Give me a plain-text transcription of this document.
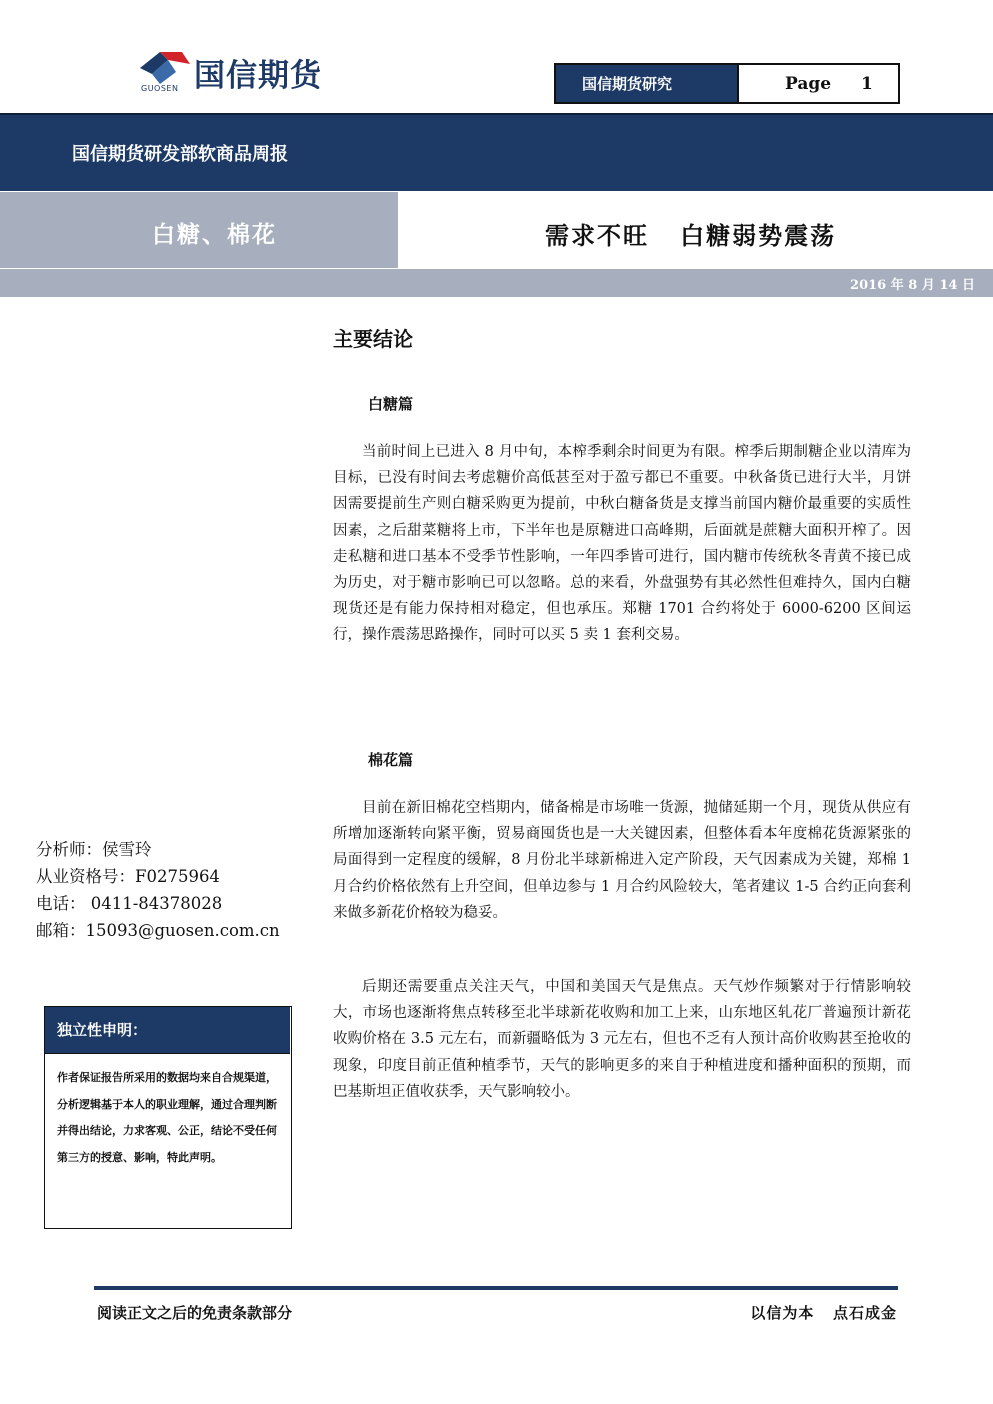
国信期货
GUOSEN	国信期货研究	Page 1
国信期货研发部软商品周报
白糖、棉花	需求不旺   白糖弱势震荡
2016 年 8 月 14 日
主要结论
白糖篇

当前时间上已进入 8 月中旬，本榨季剩余时间更为有限。榨季后期制糖企业以清库为目标，已没有时间去考虑糖价高低甚至对于盈亏都已不重要。中秋备货已进行大半，月饼因需要提前生产则白糖采购更为提前，中秋白糖备货是支撑当前国内糖价最重要的实质性因素，之后甜菜糖将上市，下半年也是原糖进口高峰期，后面就是蔗糖大面积开榨了。因走私糖和进口基本不受季节性影响，一年四季皆可进行，国内糖市传统秋冬青黄不接已成为历史，对于糖市影响已可以忽略。总的来看，外盘强势有其必然性但难持久，国内白糖现货还是有能力保持相对稳定，但也承压。郑糖 1701 合约将处于 6000-6200 区间运行，操作震荡思路操作，同时可以买 5 卖 1 套利交易。

棉花篇

目前在新旧棉花空档期内，储备棉是市场唯一货源，抛储延期一个月，现货从供应有所增加逐渐转向紧平衡，贸易商囤货也是一大关键因素，但整体看本年度棉花货源紧张的局面得到一定程度的缓解，8 月份北半球新棉进入定产阶段，天气因素成为关键，郑棉 1 月合约价格依然有上升空间，但单边参与 1 月合约风险较大，笔者建议 1-5 合约正向套利来做多新花价格较为稳妥。

后期还需要重点关注天气，中国和美国天气是焦点。天气炒作频繁对于行情影响较大，市场也逐渐将焦点转移至北半球新花收购和加工上来，山东地区轧花厂普遍预计新花收购价格在 3.5 元左右，而新疆略低为 3 元左右，但也不乏有人预计高价收购甚至抢收的现象，印度目前正值种植季节，天气的影响更多的来自于种植进度和播种面积的预期，而巴基斯坦正值收获季，天气影响较小。

分析师：侯雪玲
从业资格号：F0275964
电话： 0411-84378028
邮箱：15093@guosen.com.cn
独立性申明：
作者保证报告所采用的数据均来自合规渠道，  分析逻辑基于本人的职业理解，通过合理判断  并得出结论，力求客观、公正，结论不受任何第三方的授意、影响，特此声明。
阅读正文之后的免责条款部分	以信为本   点石成金
